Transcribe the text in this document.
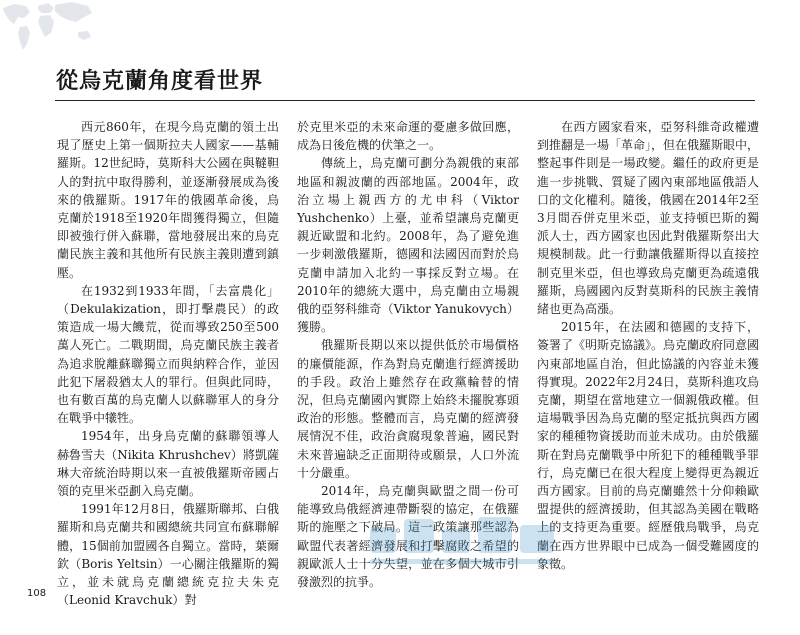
從烏克蘭角度看世界

西元860年，在現今烏克蘭的領土出現了歷史上第一個斯拉夫人國家——基輔羅斯。12世紀時，莫斯科大公國在與韃靼人的對抗中取得勝利，並逐漸發展成為後來的俄羅斯。1917年的俄國革命後，烏克蘭於1918至1920年間獲得獨立，但隨即被強行併入蘇聯，當地發展出來的烏克蘭民族主義和其他所有民族主義則遭到鎮壓。

在1932到1933年間，「去富農化」（Dekulakization，即打擊農民）的政策造成一場大饑荒，從而導致250至500萬人死亡。二戰期間，烏克蘭民族主義者為追求脫離蘇聯獨立而與納粹合作，並因此犯下屠殺猶太人的罪行。但與此同時，也有數百萬的烏克蘭人以蘇聯軍人的身分在戰爭中犧牲。

1954年，出身烏克蘭的蘇聯領導人赫魯雪夫（Nikita Khrushchev）將凱薩琳大帝統治時期以來一直被俄羅斯帝國占領的克里米亞劃入烏克蘭。

1991年12月8日，俄羅斯聯邦、白俄羅斯和烏克蘭共和國總統共同宣布蘇聯解體，15個前加盟國各自獨立。當時，葉爾欽（Boris Yeltsin）一心關注俄羅斯的獨立，並未就烏克蘭總統克拉夫朱克（Leonid Kravchuk）對

於克里米亞的未來命運的憂慮多做回應，成為日後危機的伏筆之一。

傳統上，烏克蘭可劃分為親俄的東部地區和親波蘭的西部地區。2004年，政治立場上親西方的尤申科（Viktor Yushchenko）上臺，並希望讓烏克蘭更親近歐盟和北約。2008年，為了避免進一步刺激俄羅斯，德國和法國因而對於烏克蘭申請加入北約一事採反對立場。在2010年的總統大選中，烏克蘭由立場親俄的亞努科維奇（Viktor Yanukovych）獲勝。

俄羅斯長期以來以提供低於市場價格的廉價能源，作為對烏克蘭進行經濟援助的手段。政治上雖然存在政黨輪替的情況，但烏克蘭國內實際上始終未擺脫寡頭政治的形態。整體而言，烏克蘭的經濟發展情況不佳，政治貪腐現象普遍，國民對未來普遍缺乏正面期待或願景，人口外流十分嚴重。

2014年，烏克蘭與歐盟之間一份可能導致烏俄經濟連帶斷裂的協定，在俄羅斯的施壓之下破局。這一政策讓那些認為歐盟代表著經濟發展和打擊腐敗之希望的親歐派人士十分失望，並在多個大城市引發激烈的抗爭。

在西方國家看來，亞努科維奇政權遭到推翻是一場「革命」，但在俄羅斯眼中，整起事件則是一場政變。繼任的政府更是進一步挑戰、質疑了國內東部地區俄語人口的文化權利。隨後，俄國在2014年2至3月間吞併克里米亞，並支持頓巴斯的獨派人士，西方國家也因此對俄羅斯祭出大規模制裁。此一行動讓俄羅斯得以直接控制克里米亞，但也導致烏克蘭更為疏遠俄羅斯，烏國國內反對莫斯科的民族主義情緒也更為高漲。

2015年，在法國和德國的支持下，簽署了《明斯克協議》。烏克蘭政府同意國內東部地區自治，但此協議的內容並未獲得實現。2022年2月24日，莫斯科進攻烏克蘭，期望在當地建立一個親俄政權。但這場戰爭因為烏克蘭的堅定抵抗與西方國家的種種物資援助而並未成功。由於俄羅斯在對烏克蘭戰爭中所犯下的種種戰爭罪行，烏克蘭已在很大程度上變得更為親近西方國家。目前的烏克蘭雖然十分仰賴歐盟提供的經濟援助，但其認為美國在戰略上的支持更為重要。經歷俄烏戰爭，烏克蘭在西方世界眼中已成為一個受難國度的象徵。

108
